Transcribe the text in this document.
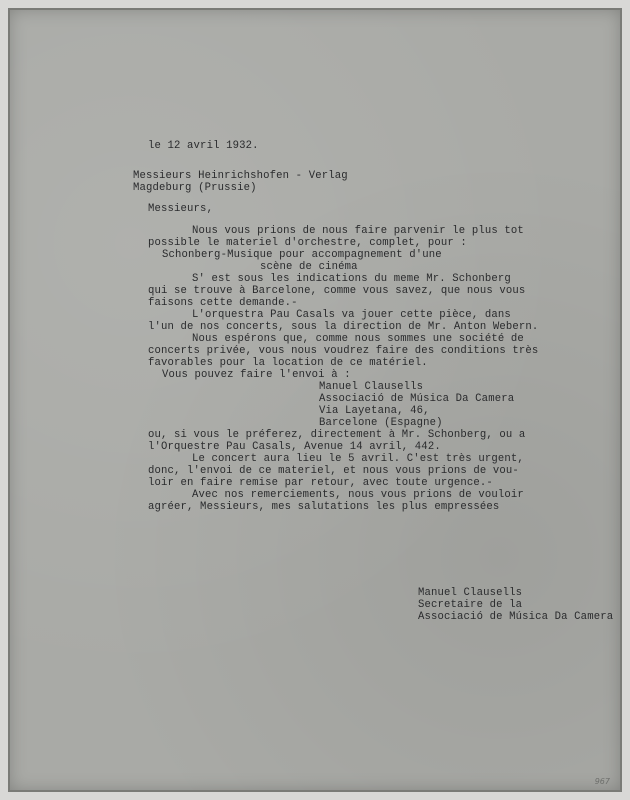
le 12 avril 1932.
Messieurs Heinrichshofen - Verlag
Magdeburg (Prussie)
Messieurs,
Nous vous prions de nous faire parvenir le plus tot
possible le materiel d'orchestre, complet, pour :
Schonberg-Musique pour accompagnement d'une
scène de cinéma
S' est sous les indications du meme Mr. Schonberg
qui se trouve à Barcelone, comme vous savez, que nous vous
faisons cette demande.-
L'orquestra Pau Casals va jouer cette pièce, dans
l'un de nos concerts, sous la direction de Mr. Anton Webern.
Nous espérons que, comme nous sommes une société de
concerts privée, vous nous voudrez faire des conditions très
favorables pour la location de ce matériel.
Vous pouvez faire l'envoi à :
Manuel Clausells
Associació de Música Da Camera
Via Layetana, 46,
Barcelone (Espagne)
ou, si vous le préferez, directement à Mr. Schonberg, ou a
l'Orquestre Pau Casals, Avenue 14 avril, 442.
Le concert aura lieu le 5 avril. C'est très urgent,
donc, l'envoi de ce materiel, et nous vous prions de vou-
loir en faire remise par retour, avec toute urgence.-
Avec nos remerciements, nous vous prions de vouloir
agréer, Messieurs, mes salutations les plus empressées
Manuel Clausells
Secretaire de la
Associació de Música Da Camera
967
